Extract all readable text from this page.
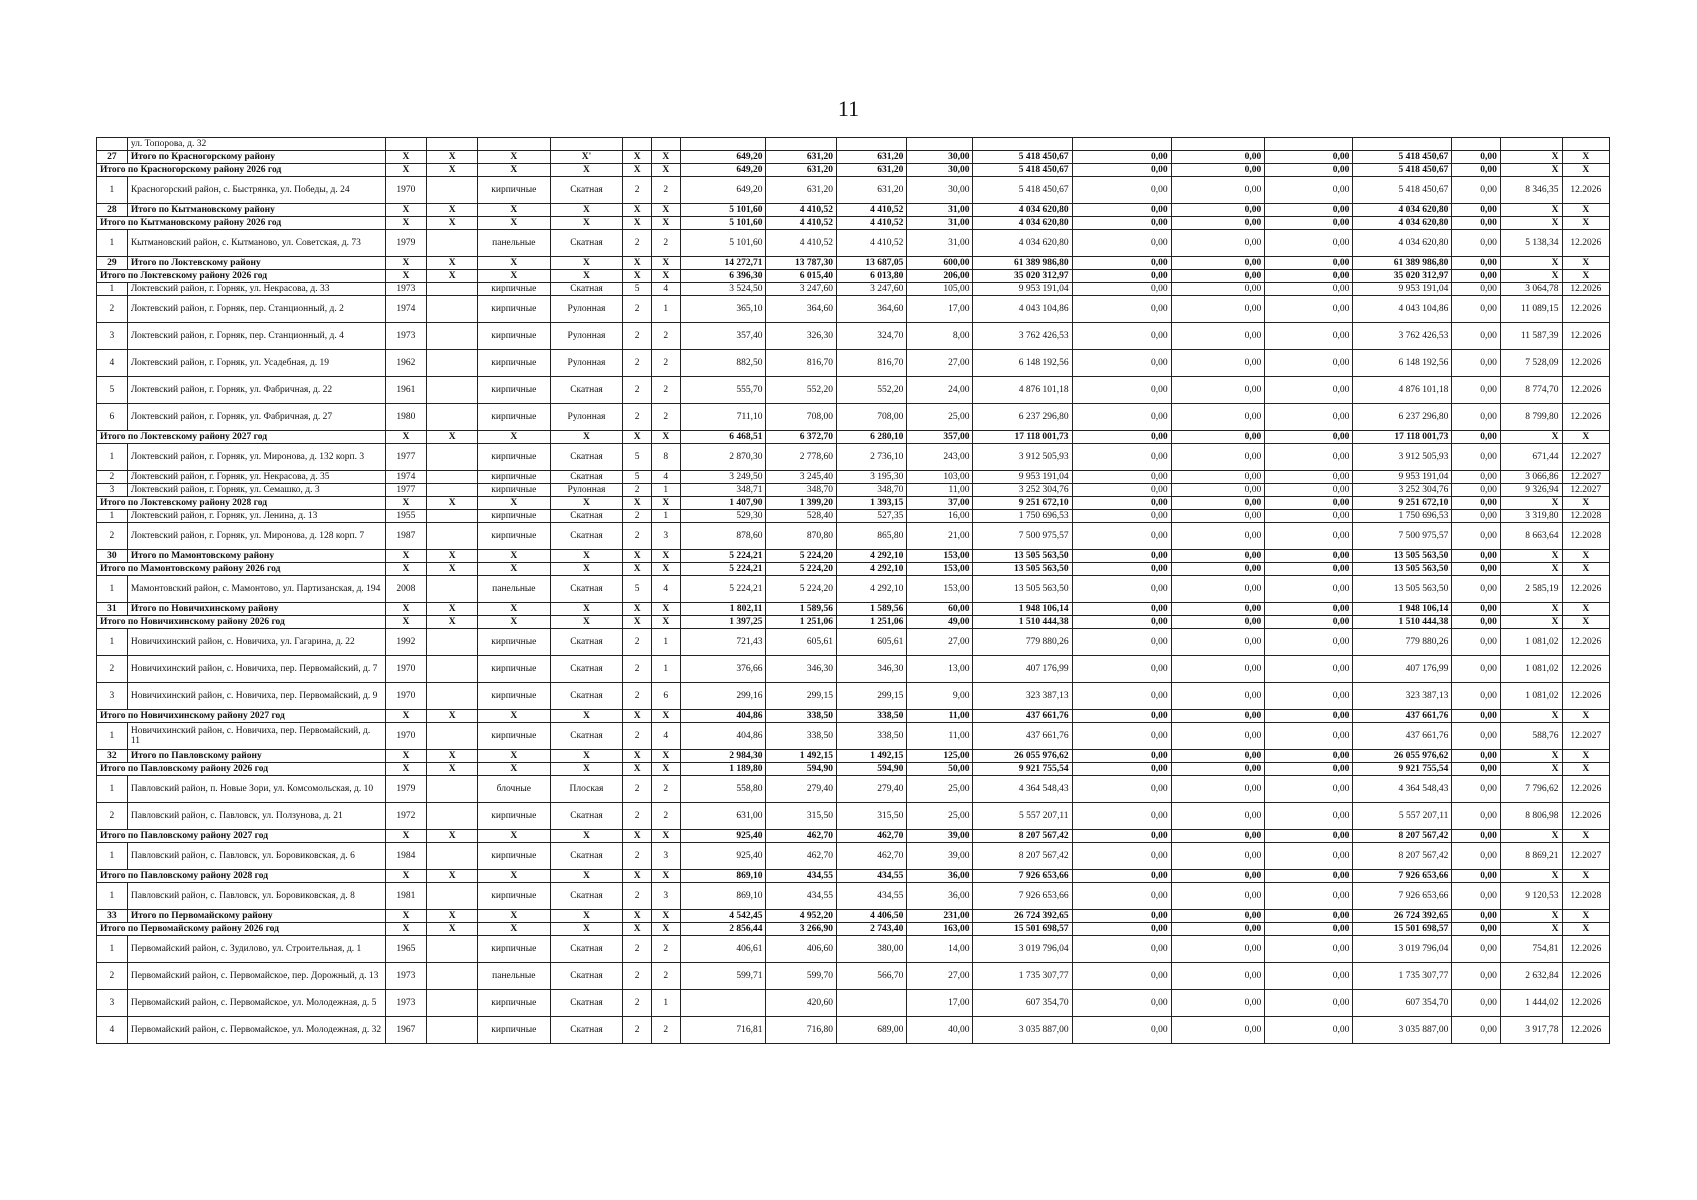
11
	ул. Топорова, д. 32																		
27	Итого по Красногорскому району	X	X	X	X'	X	X	649,20	631,20	631,20	30,00	5 418 450,67	0,00	0,00	0,00	5 418 450,67	0,00	X	X
Итого по Красногорскому району 2026 год		X	X	X	X	X	X	649,20	631,20	631,20	30,00	5 418 450,67	0,00	0,00	0,00	5 418 450,67	0,00	X	X
1	Красногорский район, с. Быстрянка, ул. Победы, д. 24	1970		кирпичные	Скатная	2	2	649,20	631,20	631,20	30,00	5 418 450,67	0,00	0,00	0,00	5 418 450,67	0,00	8 346,35	12.2026
28	Итого по Кытмановскому району	X	X	X	X	X	X	5 101,60	4 410,52	4 410,52	31,00	4 034 620,80	0,00	0,00	0,00	4 034 620,80	0,00	X	X
Итого по Кытмановскому району 2026 год		X	X	X	X	X	X	5 101,60	4 410,52	4 410,52	31,00	4 034 620,80	0,00	0,00	0,00	4 034 620,80	0,00	X	X
1	Кытмановский район, с. Кытманово, ул. Советская, д. 73	1979		панельные	Скатная	2	2	5 101,60	4 410,52	4 410,52	31,00	4 034 620,80	0,00	0,00	0,00	4 034 620,80	0,00	5 138,34	12.2026
29	Итого по Локтевскому району	X	X	X	X	X	X	14 272,71	13 787,30	13 687,05	600,00	61 389 986,80	0,00	0,00	0,00	61 389 986,80	0,00	X	X
Итого по Локтевскому району 2026 год		X	X	X	X	X	X	6 396,30	6 015,40	6 013,80	206,00	35 020 312,97	0,00	0,00	0,00	35 020 312,97	0,00	X	X
1	Локтевский район, г. Горняк, ул. Некрасова, д. 33	1973		кирпичные	Скатная	5	4	3 524,50	3 247,60	3 247,60	105,00	9 953 191,04	0,00	0,00	0,00	9 953 191,04	0,00	3 064,78	12.2026
2	Локтевский район, г. Горняк, пер. Станционный, д. 2	1974		кирпичные	Рулонная	2	1	365,10	364,60	364,60	17,00	4 043 104,86	0,00	0,00	0,00	4 043 104,86	0,00	11 089,15	12.2026
3	Локтевский район, г. Горняк, пер. Станционный, д. 4	1973		кирпичные	Рулонная	2	2	357,40	326,30	324,70	8,00	3 762 426,53	0,00	0,00	0,00	3 762 426,53	0,00	11 587,39	12.2026
4	Локтевский район, г. Горняк, ул. Усадебная, д. 19	1962		кирпичные	Рулонная	2	2	882,50	816,70	816,70	27,00	6 148 192,56	0,00	0,00	0,00	6 148 192,56	0,00	7 528,09	12.2026
5	Локтевский район, г. Горняк, ул. Фабричная, д. 22	1961		кирпичные	Скатная	2	2	555,70	552,20	552,20	24,00	4 876 101,18	0,00	0,00	0,00	4 876 101,18	0,00	8 774,70	12.2026
6	Локтевский район, г. Горняк, ул. Фабричная, д. 27	1980		кирпичные	Рулонная	2	2	711,10	708,00	708,00	25,00	6 237 296,80	0,00	0,00	0,00	6 237 296,80	0,00	8 799,80	12.2026
Итого по Локтевскому району 2027 год		X	X	X	X	X	X	6 468,51	6 372,70	6 280,10	357,00	17 118 001,73	0,00	0,00	0,00	17 118 001,73	0,00	X	X
1	Локтевский район, г. Горняк, ул. Миронова, д. 132 корп. 3	1977		кирпичные	Скатная	5	8	2 870,30	2 778,60	2 736,10	243,00	3 912 505,93	0,00	0,00	0,00	3 912 505,93	0,00	671,44	12.2027
2	Локтевский район, г. Горняк, ул. Некрасова, д. 35	1974		кирпичные	Скатная	5	4	3 249,50	3 245,40	3 195,30	103,00	9 953 191,04	0,00	0,00	0,00	9 953 191,04	0,00	3 066,86	12.2027
3	Локтевский район, г. Горняк, ул. Семашко, д. 3	1977		кирпичные	Рулонная	2	1	348,71	348,70	348,70	11,00	3 252 304,76	0,00	0,00	0,00	3 252 304,76	0,00	9 326,94	12.2027
Итого по Локтевскому району 2028 год		X	X	X	X	X	X	1 407,90	1 399,20	1 393,15	37,00	9 251 672,10	0,00	0,00	0,00	9 251 672,10	0,00	X	X
1	Локтевский район, г. Горняк, ул. Ленина, д. 13	1955		кирпичные	Скатная	2	1	529,30	528,40	527,35	16,00	1 750 696,53	0,00	0,00	0,00	1 750 696,53	0,00	3 319,80	12.2028
2	Локтевский район, г. Горняк, ул. Миронова, д. 128 корп. 7	1987		кирпичные	Скатная	2	3	878,60	870,80	865,80	21,00	7 500 975,57	0,00	0,00	0,00	7 500 975,57	0,00	8 663,64	12.2028
30	Итого по Мамонтовскому району	X	X	X	X	X	X	5 224,21	5 224,20	4 292,10	153,00	13 505 563,50	0,00	0,00	0,00	13 505 563,50	0,00	X	X
Итого по Мамонтовскому району 2026 год		X	X	X	X	X	X	5 224,21	5 224,20	4 292,10	153,00	13 505 563,50	0,00	0,00	0,00	13 505 563,50	0,00	X	X
1	Мамонтовский район, с. Мамонтово, ул. Партизанская, д. 194	2008		панельные	Скатная	5	4	5 224,21	5 224,20	4 292,10	153,00	13 505 563,50	0,00	0,00	0,00	13 505 563,50	0,00	2 585,19	12.2026
31	Итого по Новичихинскому району	X	X	X	X	X	X	1 802,11	1 589,56	1 589,56	60,00	1 948 106,14	0,00	0,00	0,00	1 948 106,14	0,00	X	X
Итого по Новичихинскому району 2026 год		X	X	X	X	X	X	1 397,25	1 251,06	1 251,06	49,00	1 510 444,38	0,00	0,00	0,00	1 510 444,38	0,00	X	X
1	Новичихинский район, с. Новичиха, ул. Гагарина, д. 22	1992		кирпичные	Скатная	2	1	721,43	605,61	605,61	27,00	779 880,26	0,00	0,00	0,00	779 880,26	0,00	1 081,02	12.2026
2	Новичихинский район, с. Новичиха, пер. Первомайский, д. 7	1970		кирпичные	Скатная	2	1	376,66	346,30	346,30	13,00	407 176,99	0,00	0,00	0,00	407 176,99	0,00	1 081,02	12.2026
3	Новичихинский район, с. Новичиха, пер. Первомайский, д. 9	1970		кирпичные	Скатная	2	6	299,16	299,15	299,15	9,00	323 387,13	0,00	0,00	0,00	323 387,13	0,00	1 081,02	12.2026
Итого по Новичихинскому району 2027 год		X	X	X	X	X	X	404,86	338,50	338,50	11,00	437 661,76	0,00	0,00	0,00	437 661,76	0,00	X	X
1	Новичихинский район, с. Новичиха, пер. Первомайский, д. 11	1970		кирпичные	Скатная	2	4	404,86	338,50	338,50	11,00	437 661,76	0,00	0,00	0,00	437 661,76	0,00	588,76	12.2027
32	Итого по Павловскому району	X	X	X	X	X	X	2 984,30	1 492,15	1 492,15	125,00	26 055 976,62	0,00	0,00	0,00	26 055 976,62	0,00	X	X
Итого по Павловскому району 2026 год		X	X	X	X	X	X	1 189,80	594,90	594,90	50,00	9 921 755,54	0,00	0,00	0,00	9 921 755,54	0,00	X	X
1	Павловский район, п. Новые Зори, ул. Комсомольская, д. 10	1979		блочные	Плоская	2	2	558,80	279,40	279,40	25,00	4 364 548,43	0,00	0,00	0,00	4 364 548,43	0,00	7 796,62	12.2026
2	Павловский район, с. Павловск, ул. Ползунова, д. 21	1972		кирпичные	Скатная	2	2	631,00	315,50	315,50	25,00	5 557 207,11	0,00	0,00	0,00	5 557 207,11	0,00	8 806,98	12.2026
Итого по Павловскому району 2027 год		X	X	X	X	X	X	925,40	462,70	462,70	39,00	8 207 567,42	0,00	0,00	0,00	8 207 567,42	0,00	X	X
1	Павловский район, с. Павловск, ул. Боровиковская, д. 6	1984		кирпичные	Скатная	2	3	925,40	462,70	462,70	39,00	8 207 567,42	0,00	0,00	0,00	8 207 567,42	0,00	8 869,21	12.2027
Итого по Павловскому району 2028 год		X	X	X	X	X	X	869,10	434,55	434,55	36,00	7 926 653,66	0,00	0,00	0,00	7 926 653,66	0,00	X	X
1	Павловский район, с. Павловск, ул. Боровиковская, д. 8	1981		кирпичные	Скатная	2	3	869,10	434,55	434,55	36,00	7 926 653,66	0,00	0,00	0,00	7 926 653,66	0,00	9 120,53	12.2028
33	Итого по Первомайскому району	X	X	X	X	X	X	4 542,45	4 952,20	4 406,50	231,00	26 724 392,65	0,00	0,00	0,00	26 724 392,65	0,00	X	X
Итого по Первомайскому району 2026 год		X	X	X	X	X	X	2 856,44	3 266,90	2 743,40	163,00	15 501 698,57	0,00	0,00	0,00	15 501 698,57	0,00	X	X
1	Первомайский район, с. Зудилово, ул. Строительная, д. 1	1965		кирпичные	Скатная	2	2	406,61	406,60	380,00	14,00	3 019 796,04	0,00	0,00	0,00	3 019 796,04	0,00	754,81	12.2026
2	Первомайский район, с. Первомайское, пер. Дорожный, д. 13	1973		панельные	Скатная	2	2	599,71	599,70	566,70	27,00	1 735 307,77	0,00	0,00	0,00	1 735 307,77	0,00	2 632,84	12.2026
3	Первомайский район, с. Первомайское, ул. Молодежная, д. 5	1973		кирпичные	Скатная	2	1		420,60		17,00	607 354,70	0,00	0,00	0,00	607 354,70	0,00	1 444,02	12.2026
4	Первомайский район, с. Первомайское, ул. Молодежная, д. 32	1967		кирпичные	Скатная	2	2	716,81	716,80	689,00	40,00	3 035 887,00	0,00	0,00	0,00	3 035 887,00	0,00	3 917,78	12.2026
